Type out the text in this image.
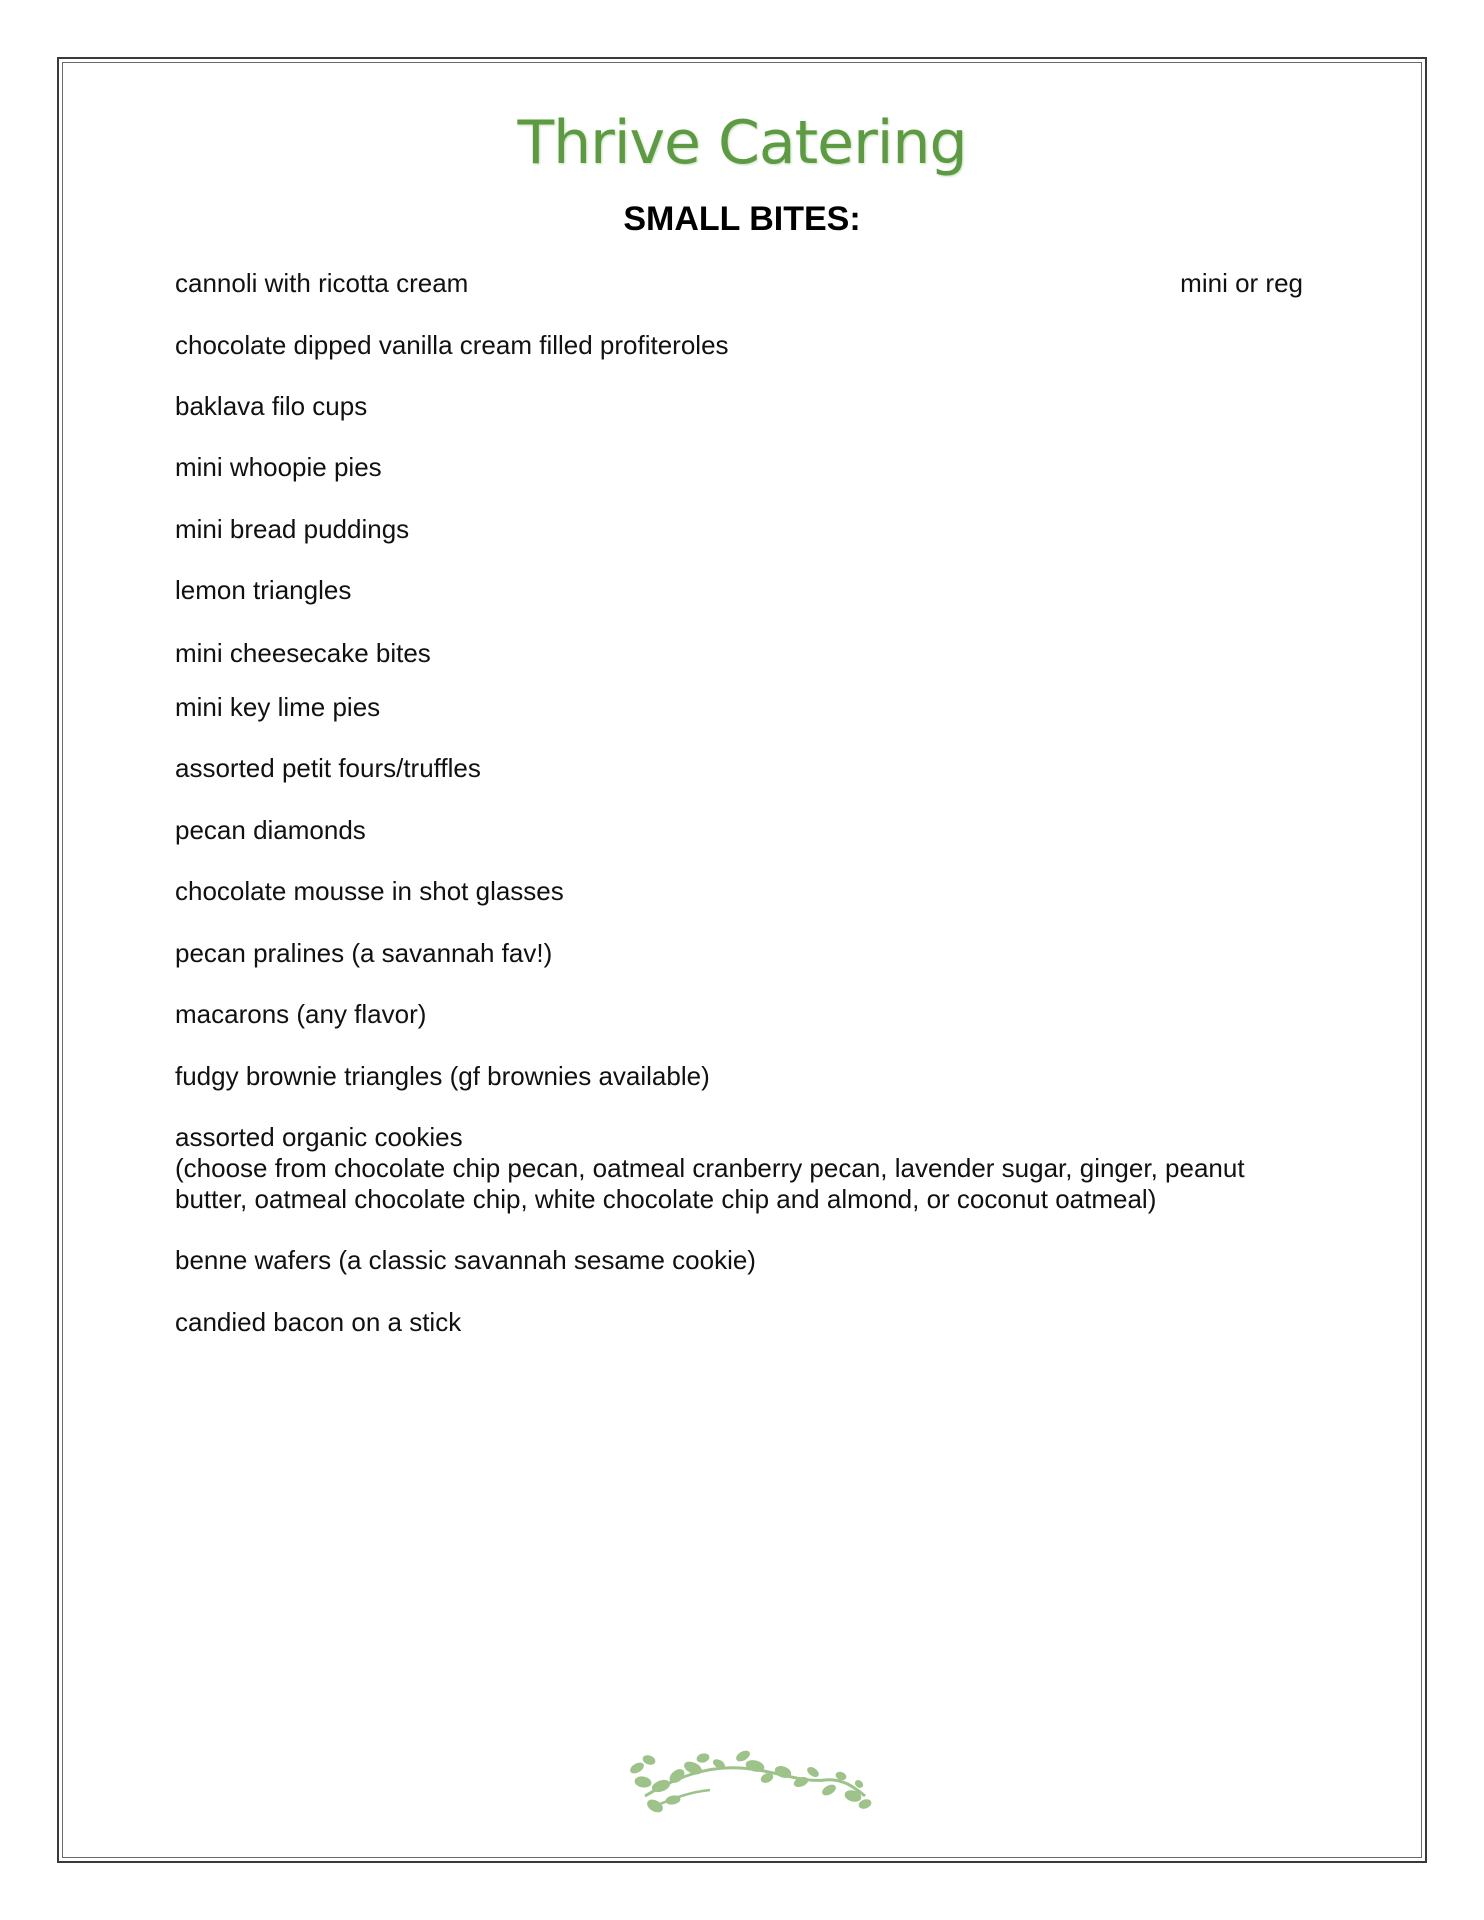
Thrive Catering
SMALL BITES:
cannoli with ricotta cream	mini or reg
chocolate dipped vanilla cream filled profiteroles
baklava filo cups
mini whoopie pies
mini bread puddings
lemon triangles
mini cheesecake bites
mini key lime pies
assorted petit fours/truffles
pecan diamonds
chocolate mousse in shot glasses
pecan pralines (a savannah fav!)
macarons (any flavor)
fudgy brownie triangles (gf brownies available)
assorted organic cookies
(choose from chocolate chip pecan, oatmeal cranberry pecan, lavender sugar, ginger, peanut butter, oatmeal chocolate chip, white chocolate chip and almond, or coconut oatmeal)
benne wafers (a classic savannah sesame cookie)
candied bacon on a stick
